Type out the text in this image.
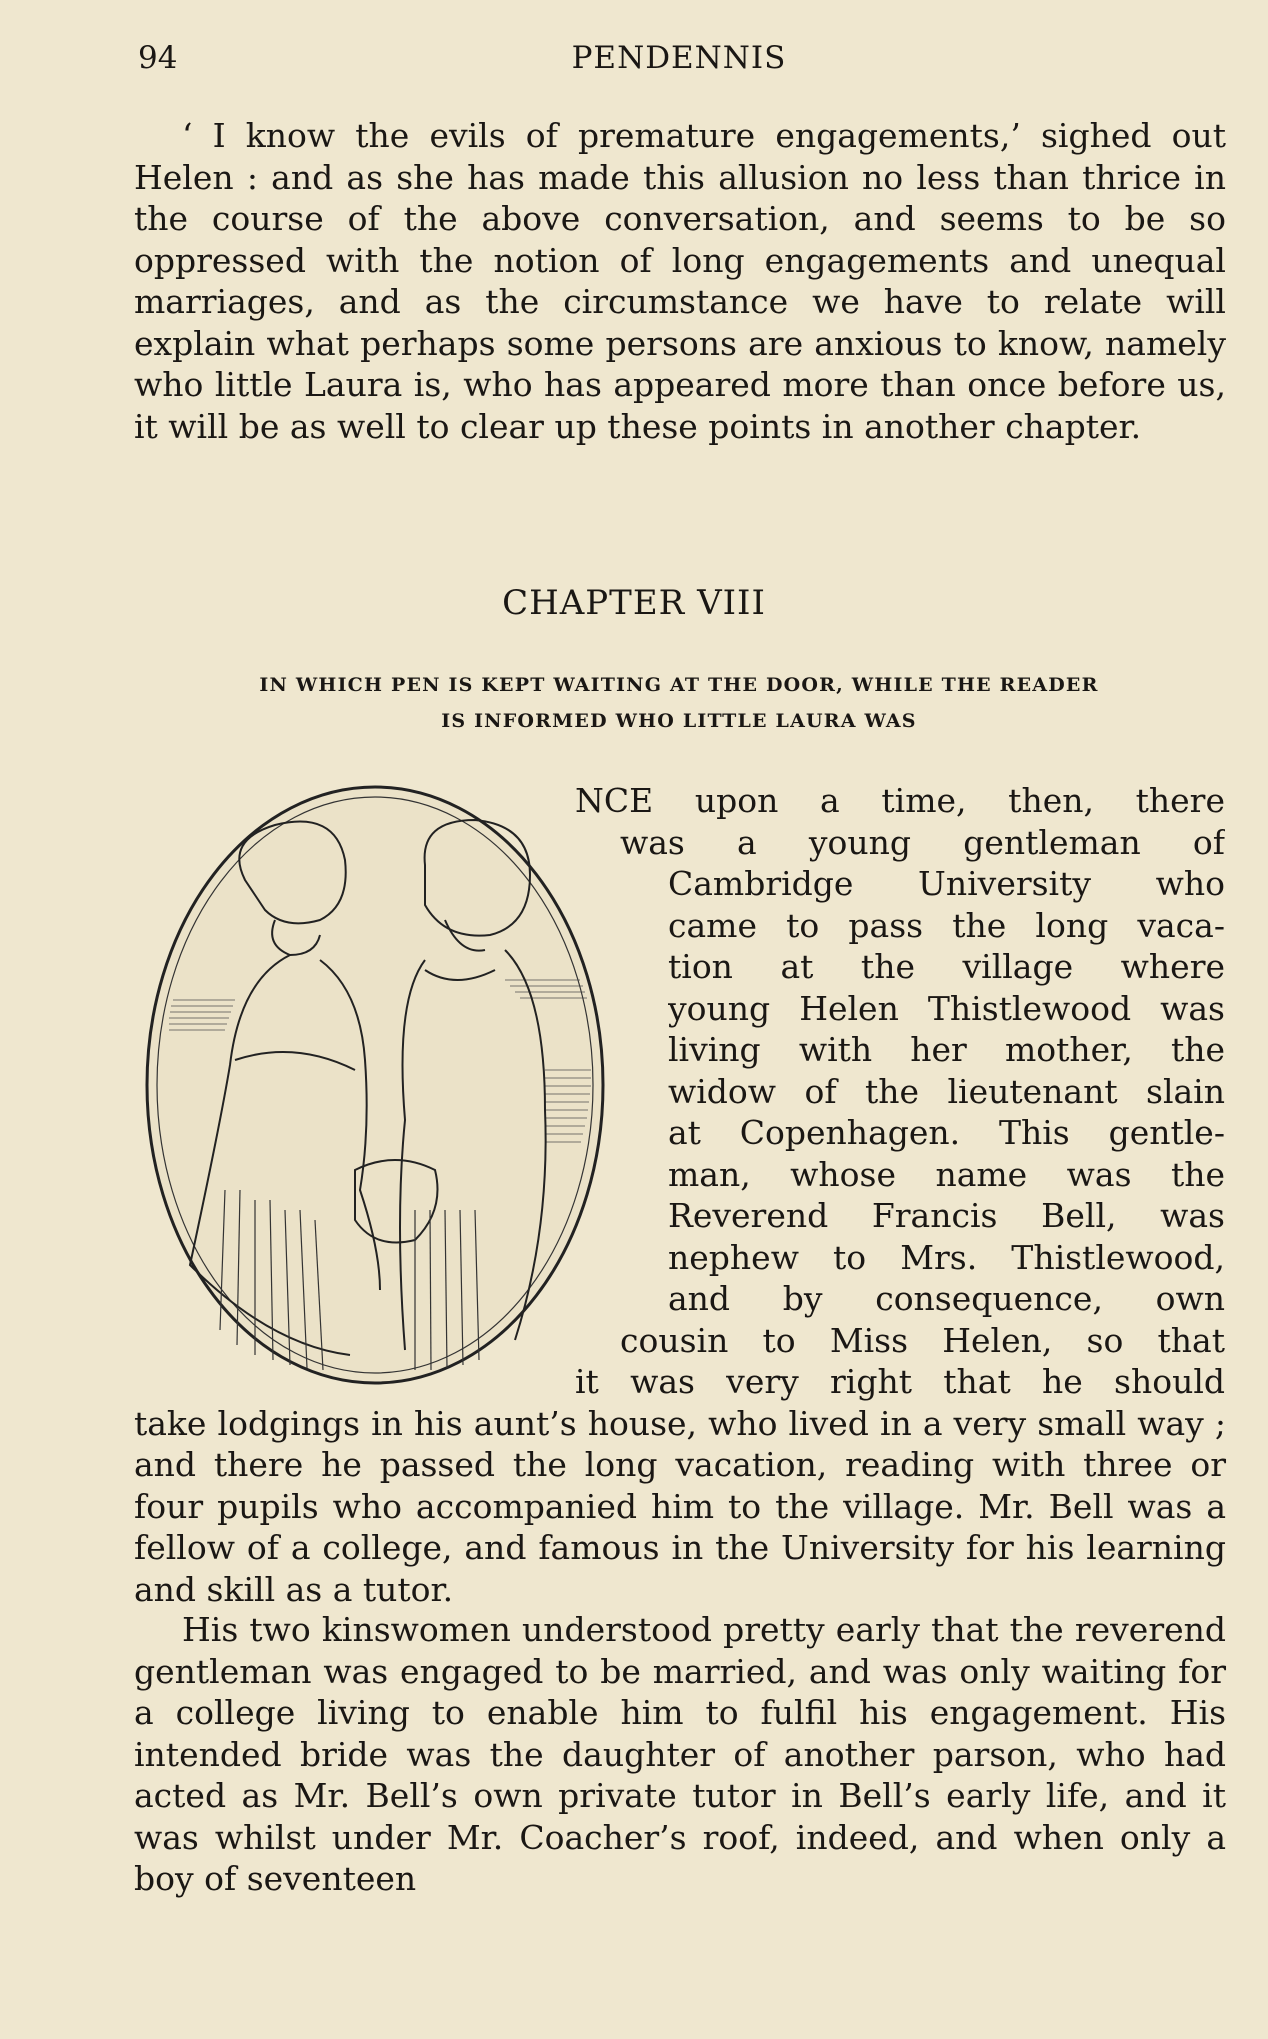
94	PENDENNIS

‘ I know the evils of premature engagements,’ sighed out Helen : and as she has made this allusion no less than thrice in the course of the above conversation, and seems to be so oppressed with the notion of long engagements and unequal marriages, and as the circumstance we have to relate will explain what perhaps some persons are anxious to know, namely who little Laura is, who has appeared more than once before us, it will be as well to clear up these points in another chapter.

CHAPTER VIII
IN WHICH PEN IS KEPT WAITING AT THE DOOR, WHILE THE READER
IS INFORMED WHO LITTLE LAURA WAS
NCE upon a time, then, there
was a young gentleman of
Cambridge University who
came to pass the long vaca-
tion at the village where
young Helen Thistlewood was
living with her mother, the
widow of the lieutenant slain
at Copenhagen. This gentle-
man, whose name was the
Reverend Francis Bell, was
nephew to Mrs. Thistlewood,
and by consequence, own
cousin to Miss Helen, so that
it was very right that he should

take lodgings in his aunt’s house, who lived in a very small way ; and there he passed the long vacation, reading with three or four pupils who accompanied him to the village. Mr. Bell was a fellow of a college, and famous in the University for his learning and skill as a tutor.

His two kinswomen understood pretty early that the reverend gentleman was engaged to be married, and was only waiting for a college living to enable him to fulfil his engagement. His intended bride was the daughter of another parson, who had acted as Mr. Bell’s own private tutor in Bell’s early life, and it was whilst under Mr. Coacher’s roof, indeed, and when only a boy of seventeen
